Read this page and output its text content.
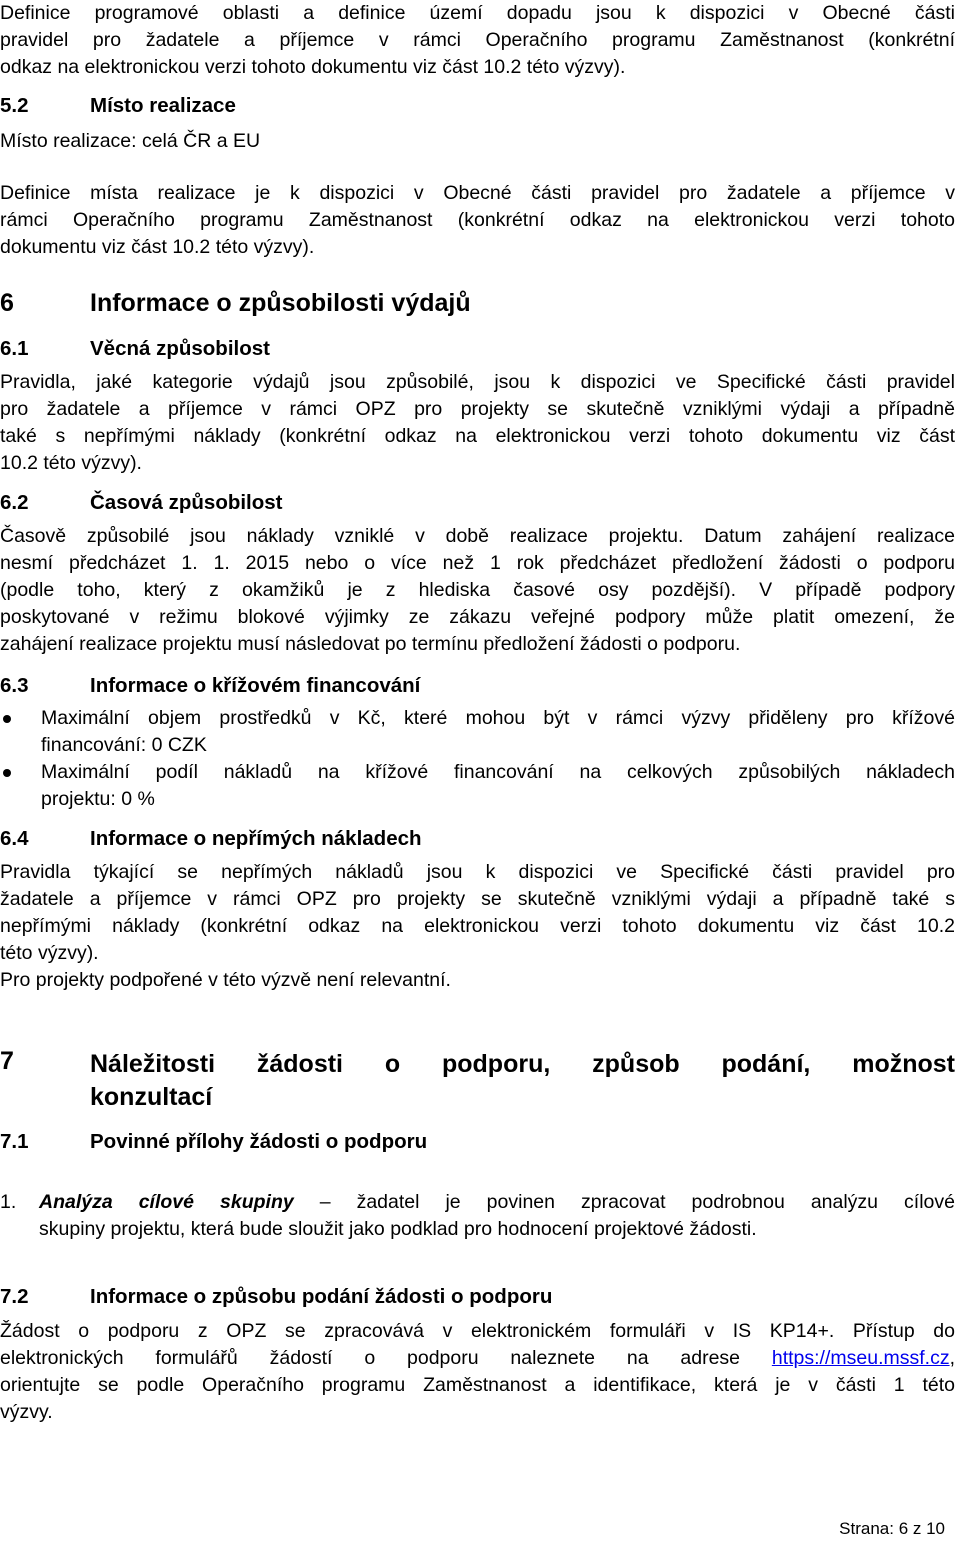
Definice programové oblasti a definice území dopadu jsou k dispozici v Obecné části
pravidel pro žadatele a příjemce v rámci Operačního programu Zaměstnanost (konkrétní
odkaz na elektronickou verzi tohoto dokumentu viz část 10.2 této výzvy).

5.2	Místo realizace

Místo realizace: celá ČR a EU

Definice místa realizace je k dispozici v Obecné části pravidel pro žadatele a příjemce v
rámci Operačního programu Zaměstnanost (konkrétní odkaz na elektronickou verzi tohoto
dokumentu viz část 10.2 této výzvy).

6	Informace o způsobilosti výdajů
6.1	Věcná způsobilost

Pravidla, jaké kategorie výdajů jsou způsobilé, jsou k dispozici ve Specifické části pravidel
pro žadatele a příjemce v rámci OPZ pro projekty se skutečně vzniklými výdaji a případně
také s nepřímými náklady (konkrétní odkaz na elektronickou verzi tohoto dokumentu viz část
10.2 této výzvy).

6.2	Časová způsobilost

Časově způsobilé jsou náklady vzniklé v době realizace projektu. Datum zahájení realizace
nesmí předcházet 1. 1. 2015 nebo o více než 1 rok předcházet předložení žádosti o podporu
(podle toho, který z okamžiků je z hlediska časové osy pozdější). V případě podpory
poskytované v režimu blokové výjimky ze zákazu veřejné podpory může platit omezení, že
zahájení realizace projektu musí následovat po termínu předložení žádosti o podporu.

6.3	Informace o křížovém financování
Maximální objem prostředků v Kč, které mohou být v rámci výzvy přiděleny pro křížové
financování: 0 CZK
Maximální podíl nákladů na křížové financování na celkových způsobilých nákladech
projektu: 0 %
6.4	Informace o nepřímých nákladech

Pravidla týkající se nepřímých nákladů jsou k dispozici ve Specifické části pravidel pro
žadatele a příjemce v rámci OPZ pro projekty se skutečně vzniklými výdaji a případně také s
nepřímými náklady (konkrétní odkaz na elektronickou verzi tohoto dokumentu viz část 10.2
této výzvy).
Pro projekty podpořené v této výzvě není relevantní.

7	Náležitosti žádosti o podporu, způsob podání, možnost
konzultací
7.1	Povinné přílohy žádosti o podporu
1.	Analýza cílové skupiny – žadatel je povinen zpracovat podrobnou analýzu cílové
skupiny projektu, která bude sloužit jako podklad pro hodnocení projektové žádosti.
7.2	Informace o způsobu podání žádosti o podporu

Žádost o podporu z OPZ se zpracovává v elektronickém formuláři v IS KP14+. Přístup do
elektronických formulářů žádostí o podporu naleznete na adrese https://mseu.mssf.cz,
orientujte se podle Operačního programu Zaměstnanost a identifikace, která je v části 1 této
výzvy.

Strana: 6 z 10
